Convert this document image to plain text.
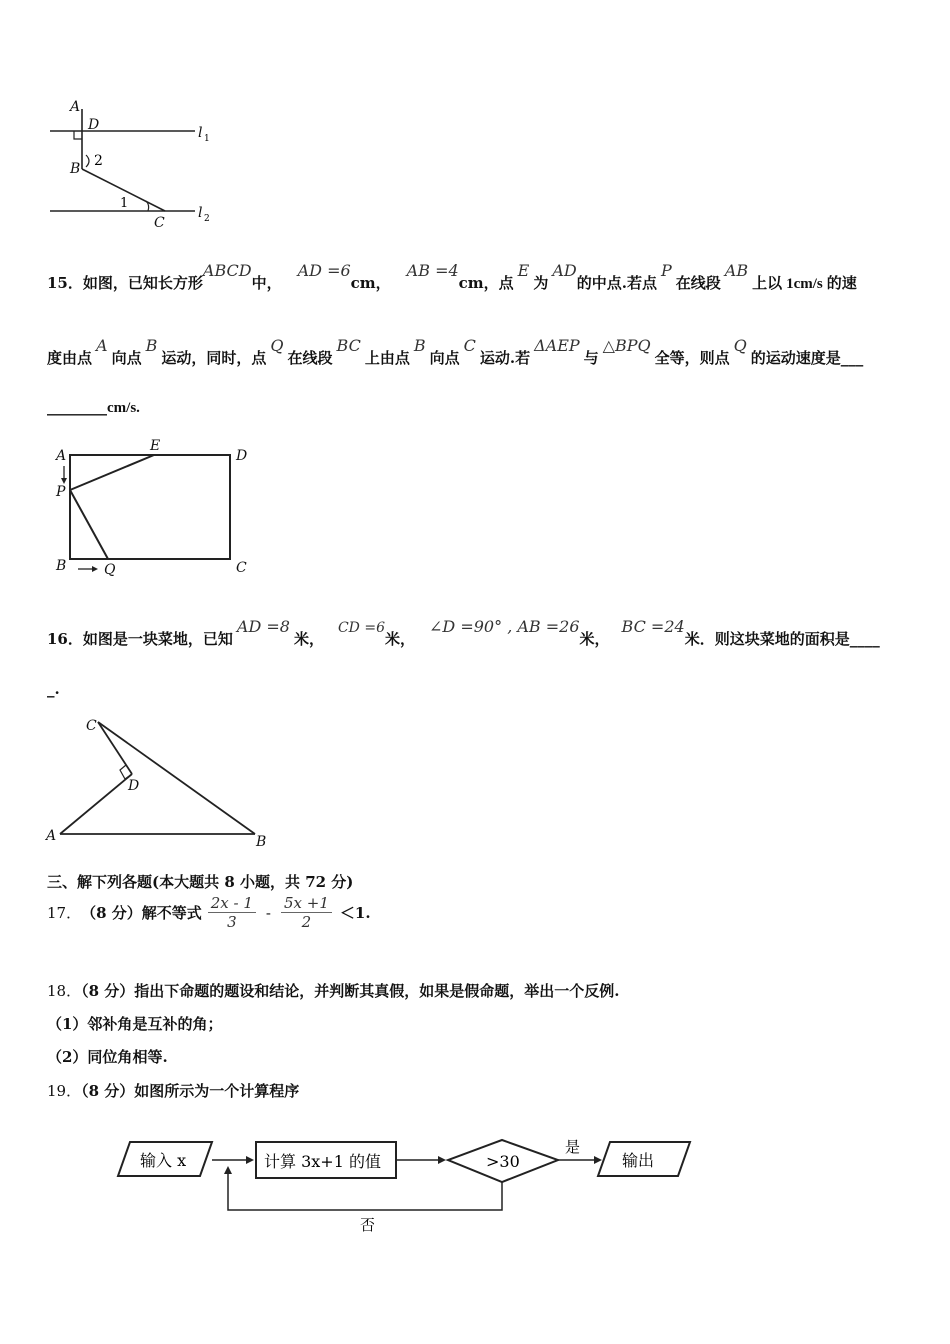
A
D
B 2
1
C
l 1
l 2
15． 如图，已知长方形
ABCD
中，
AD =6
cm，
AB =4
cm，点
E
为
AD
的中点.若点
P
在线段
AB
上以 1cm/s 的速
度由点
A
向点
B
运动，同时，点
Q
在线段
BC
上由点
B
向点
C
运动.若
ΔAEP
与
△BPQ
全等，则点
Q
的运动速度是 ___
________cm/s.
A
E
D
P
B	Q	C
16． 如图是一块菜地，已知
AD =8
米，
CD =6
米，
∠D =90° , AB =26
米，
BC =24
米．则这块菜地的面积是 ____
_.
C
D
A	B
三、解下列各题(本大题共 8 小题，共 72 分)
17． （8 分）解不等式 $\frac{2x - 1}{3} - \frac{5x +1}{2} <1$.
18．（8 分）指出下命题的题设和结论，并判断其真假，如果是假命题，举出一个反例.
（1）邻补角是互补的角；
（2）同位角相等.
19．（8 分）如图所示为一个计算程序
输入 x	计算 3x+1 的值	>30
是
输出
否
